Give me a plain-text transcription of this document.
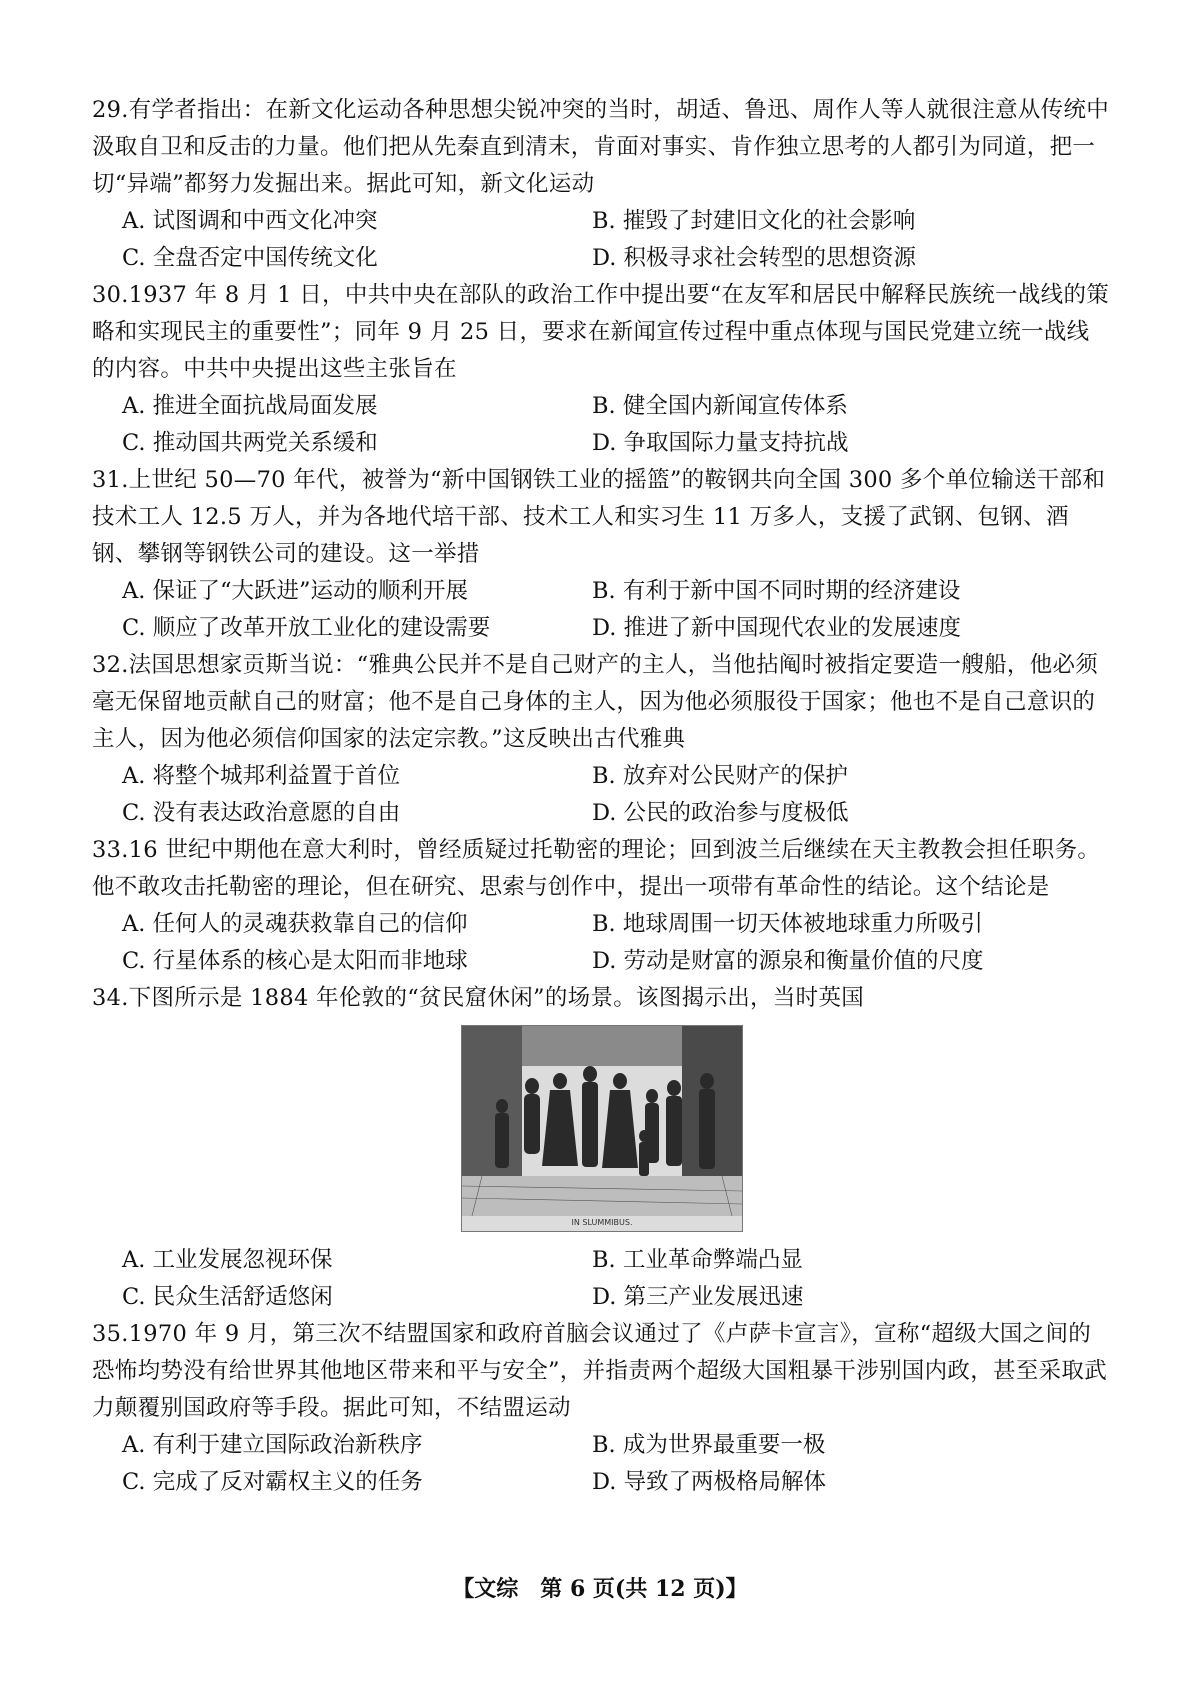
29.有学者指出：在新文化运动各种思想尖锐冲突的当时，胡适、鲁迅、周作人等人就很注意从传统中汲取自卫和反击的力量。他们把从先秦直到清末，肯面对事实、肯作独立思考的人都引为同道，把一切“异端”都努力发掘出来。据此可知，新文化运动

A. 试图调和中西文化冲突	B. 摧毁了封建旧文化的社会影响
C. 全盘否定中国传统文化	D. 积极寻求社会转型的思想资源

30.1937 年 8 月 1 日，中共中央在部队的政治工作中提出要“在友军和居民中解释民族统一战线的策略和实现民主的重要性”；同年 9 月 25 日，要求在新闻宣传过程中重点体现与国民党建立统一战线的内容。中共中央提出这些主张旨在

A. 推进全面抗战局面发展	B. 健全国内新闻宣传体系
C. 推动国共两党关系缓和	D. 争取国际力量支持抗战

31.上世纪 50—70 年代，被誉为“新中国钢铁工业的摇篮”的鞍钢共向全国 300 多个单位输送干部和技术工人 12.5 万人，并为各地代培干部、技术工人和实习生 11 万多人，支援了武钢、包钢、酒钢、攀钢等钢铁公司的建设。这一举措

A. 保证了“大跃进”运动的顺利开展	B. 有利于新中国不同时期的经济建设
C. 顺应了改革开放工业化的建设需要	D. 推进了新中国现代农业的发展速度

32.法国思想家贡斯当说：“雅典公民并不是自己财产的主人，当他拈阄时被指定要造一艘船，他必须毫无保留地贡献自己的财富；他不是自己身体的主人，因为他必须服役于国家；他也不是自己意识的主人，因为他必须信仰国家的法定宗教。”这反映出古代雅典

A. 将整个城邦利益置于首位	B. 放弃对公民财产的保护
C. 没有表达政治意愿的自由	D. 公民的政治参与度极低

33.16 世纪中期他在意大利时，曾经质疑过托勒密的理论；回到波兰后继续在天主教教会担任职务。他不敢攻击托勒密的理论，但在研究、思索与创作中，提出一项带有革命性的结论。这个结论是

A. 任何人的灵魂获救靠自己的信仰	B. 地球周围一切天体被地球重力所吸引
C. 行星体系的核心是太阳而非地球	D. 劳动是财富的源泉和衡量价值的尺度

34.下图所示是 1884 年伦敦的“贫民窟休闲”的场景。该图揭示出，当时英国

IN SLUMMIBUS.
A. 工业发展忽视环保	B. 工业革命弊端凸显
C. 民众生活舒适悠闲	D. 第三产业发展迅速

35.1970 年 9 月，第三次不结盟国家和政府首脑会议通过了《卢萨卡宣言》，宣称“超级大国之间的恐怖均势没有给世界其他地区带来和平与安全”，并指责两个超级大国粗暴干涉别国内政，甚至采取武力颠覆别国政府等手段。据此可知，不结盟运动

A. 有利于建立国际政治新秩序	B. 成为世界最重要一极
C. 完成了反对霸权主义的任务	D. 导致了两极格局解体
【文综　第 6 页(共 12 页)】
